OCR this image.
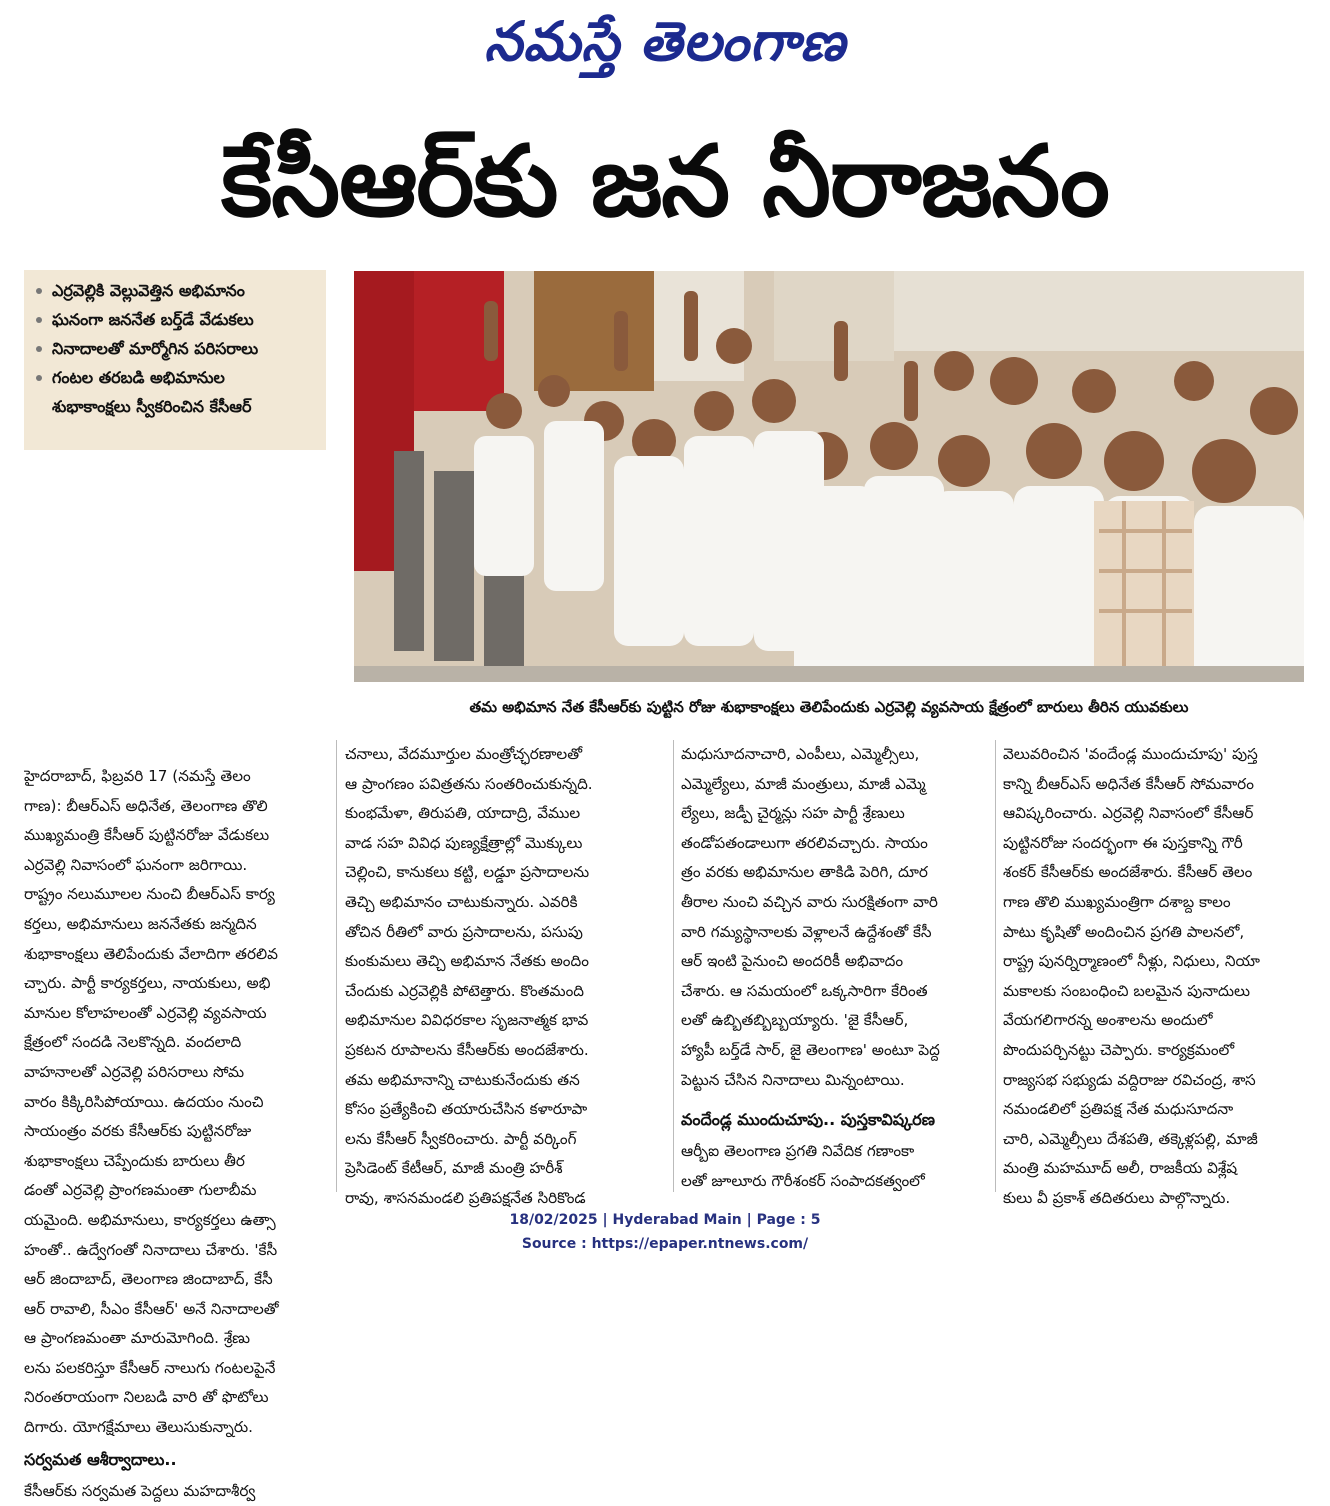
నమస్తే తెలంగాణ
కేసీఆర్‌కు జన నీరాజనం
ఎర్రవెల్లికి వెల్లువెత్తిన అభిమానం
ఘనంగా జననేత బర్త్‌డే వేడుకలు
నినాదాలతో మార్మోగిన పరిసరాలు
గంటల తరబడి అభిమానుల
శుభాకాంక్షలు స్వీకరించిన కేసీఆర్
తమ అభిమాన నేత కేసీఆర్‌కు పుట్టిన రోజు శుభాకాంక్షలు తెలిపేందుకు ఎర్రవెల్లి వ్యవసాయ క్షేత్రంలో బారులు తీరిన యువకులు
హైదరాబాద్, ఫిబ్రవరి 17 (నమస్తే తెలం
గాణ): బీఆర్‌ఎస్ అధినేత, తెలంగాణ తొలి
ముఖ్యమంత్రి కేసీఆర్ పుట్టినరోజు వేడుకలు
ఎర్రవెల్లి నివాసంలో ఘనంగా జరిగాయి.
రాష్ట్రం నలుమూలల నుంచి బీఆర్‌ఎస్ కార్య
కర్తలు, అభిమానులు జననేతకు జన్మదిన
శుభాకాంక్షలు తెలిపేందుకు వేలాదిగా తరలివ
చ్చారు. పార్టీ కార్యకర్తలు, నాయకులు, అభి
మానుల కోలాహలంతో ఎర్రవెల్లి వ్యవసాయ
క్షేత్రంలో సందడి నెలకొన్నది. వందలాది
వాహనాలతో ఎర్రవెల్లి పరిసరాలు సోమ
వారం కిక్కిరిసిపోయాయి. ఉదయం నుంచి
సాయంత్రం వరకు కేసీఆర్‌కు పుట్టినరోజు
శుభాకాంక్షలు చెప్పేందుకు బారులు తీర
డంతో ఎర్రవెల్లి ప్రాంగణమంతా గులాబీమ
యమైంది. అభిమానులు, కార్యకర్తలు ఉత్సా
హంతో.. ఉద్వేగంతో నినాదాలు చేశారు. 'కేసీ
ఆర్ జిందాబాద్, తెలంగాణ జిందాబాద్, కేసీ
ఆర్ రావాలి, సీఎం కేసీఆర్' అనే నినాదాలతో
ఆ ప్రాంగణమంతా మారుమోగింది. శ్రేణు
లను పలకరిస్తూ కేసీఆర్ నాలుగు గంటలపైనే
నిరంతరాయంగా నిలబడి వారి తో ఫొటోలు
దిగారు. యోగక్షేమాలు తెలుసుకున్నారు.
సర్వమత ఆశీర్వాదాలు..
కేసీఆర్‌కు సర్వమత పెద్దలు మహదాశీర్వ
చనాలు, వేదమూర్తుల మంత్రోచ్ఛరణాలతో
ఆ ప్రాంగణం పవిత్రతను సంతరించుకున్నది.
కుంభమేళా, తిరుపతి, యాదాద్రి, వేముల
వాడ సహ వివిధ పుణ్యక్షేత్రాల్లో మొక్కులు
చెల్లించి, కానుకలు కట్టి, లడ్డూ ప్రసాదాలను
తెచ్చి అభిమానం చాటుకున్నారు. ఎవరికి
తోచిన రీతిలో వారు ప్రసాదాలను, పసుపు
కుంకుమలు తెచ్చి అభిమాన నేతకు అందిం
చేందుకు ఎర్రవెల్లికి పోటెత్తారు. కొంతమంది
అభిమానుల వివిధరకాల సృజనాత్మక భావ
ప్రకటన రూపాలను కేసీఆర్‌కు అందజేశారు.
తమ అభిమానాన్ని చాటుకునేందుకు తన
కోసం ప్రత్యేకించి తయారుచేసిన కళారూపా
లను కేసీఆర్ స్వీకరించారు. పార్టీ వర్కింగ్
ప్రెసిడెంట్ కేటీఆర్, మాజీ మంత్రి హరీశ్
రావు, శాసనమండలి ప్రతిపక్షనేత సిరికొండ
మధుసూదనాచారి, ఎంపీలు, ఎమ్మెల్సీలు,
ఎమ్మెల్యేలు, మాజీ మంత్రులు, మాజీ ఎమ్మె
ల్యేలు, జడ్పీ చైర్మన్లు సహ పార్టీ శ్రేణులు
తండోపతండాలుగా తరలివచ్చారు. సాయం
త్రం వరకు అభిమానుల తాకిడి పెరిగి, దూర
తీరాల నుంచి వచ్చిన వారు సురక్షితంగా వారి
వారి గమ్యస్థానాలకు వెళ్లాలనే ఉద్దేశంతో కేసీ
ఆర్ ఇంటి పైనుంచి అందరికీ అభివాదం
చేశారు. ఆ సమయంలో ఒక్కసారిగా కేరింత
లతో ఉబ్బితబ్బిబ్బయ్యారు. 'జై కేసీఆర్,
హ్యాపీ బర్త్‌డే సార్, జై తెలంగాణ' అంటూ పెద్ద
పెట్టున చేసిన నినాదాలు మిన్నంటాయి.
వందేండ్ల ముందుచూపు.. పుస్తకావిష్కరణ
ఆర్బీఐ తెలంగాణ ప్రగతి నివేదిక గణాంకా
లతో జూలూరు గౌరీశంకర్ సంపాదకత్వంలో
వెలువరించిన 'వందేండ్ల ముందుచూపు' పుస్త
కాన్ని బీఆర్‌ఎస్ అధినేత కేసీఆర్ సోమవారం
ఆవిష్కరించారు. ఎర్రవెల్లి నివాసంలో కేసీఆర్
పుట్టినరోజు సందర్భంగా ఈ పుస్తకాన్ని గౌరీ
శంకర్ కేసీఆర్‌కు అందజేశారు. కేసీఆర్ తెలం
గాణ తొలి ముఖ్యమంత్రిగా దశాబ్ద కాలం
పాటు కృషితో అందించిన ప్రగతి పాలనలో,
రాష్ట్ర పునర్నిర్మాణంలో నీళ్లు, నిధులు, నియా
మకాలకు సంబంధించి బలమైన పునాదులు
వేయగలిగారన్న అంశాలను అందులో
పొందుపర్చినట్టు చెప్పారు. కార్యక్రమంలో
రాజ్యసభ సభ్యుడు వద్దిరాజు రవిచంద్ర, శాస
నమండలిలో ప్రతిపక్ష నేత మధుసూదనా
చారి, ఎమ్మెల్సీలు దేశపతి, తక్కెళ్లపల్లి, మాజీ
మంత్రి మహమూద్ అలీ, రాజకీయ విశ్లేష
కులు వీ ప్రకాశ్ తదితరులు పాల్గొన్నారు.
18/02/2025 | Hyderabad Main | Page : 5
Source : https://epaper.ntnews.com/
